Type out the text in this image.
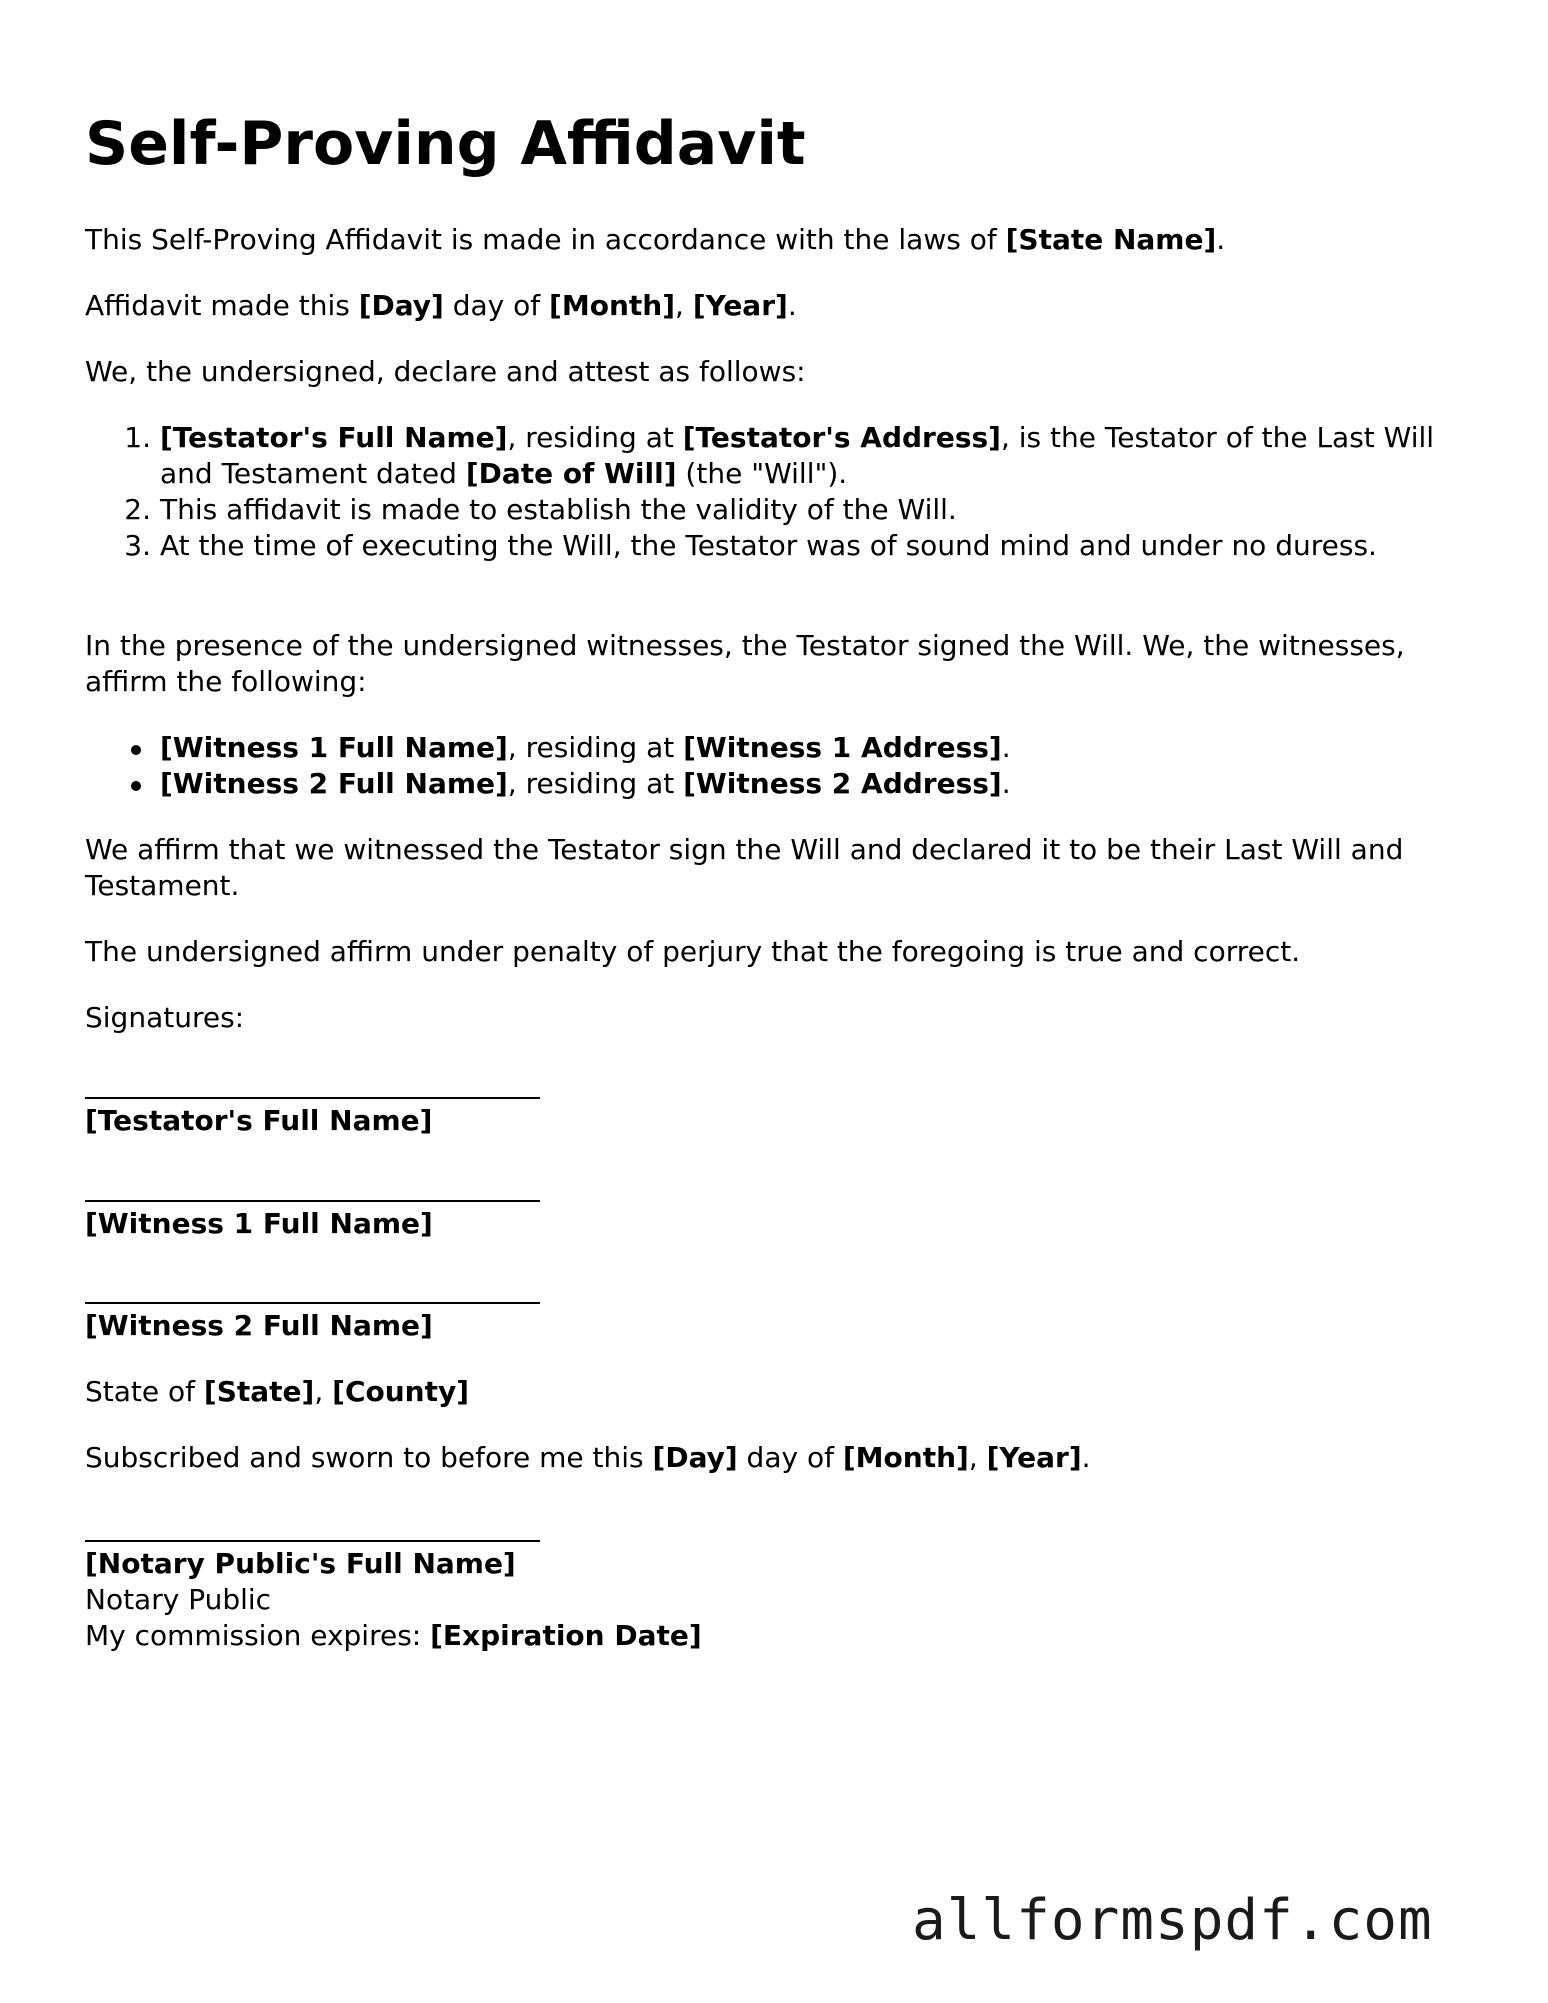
Self-Proving Affidavit

This Self-Proving Affidavit is made in accordance with the laws of [State Name].

Affidavit made this [Day] day of [Month], [Year].

We, the undersigned, declare and attest as follows:

1. [Testator's Full Name], residing at [Testator's Address], is the Testator of the Last Will and Testament dated [Date of Will] (the "Will").
2. This affidavit is made to establish the validity of the Will.
3. At the time of executing the Will, the Testator was of sound mind and under no duress.

In the presence of the undersigned witnesses, the Testator signed the Will. We, the witnesses, affirm the following:

[Witness 1 Full Name], residing at [Witness 1 Address].
[Witness 2 Full Name], residing at [Witness 2 Address].

We affirm that we witnessed the Testator sign the Will and declared it to be their Last Will and Testament.

The undersigned affirm under penalty of perjury that the foregoing is true and correct.

Signatures:

[Testator's Full Name]

[Witness 1 Full Name]

[Witness 2 Full Name]

State of [State], [County]

Subscribed and sworn to before me this [Day] day of [Month], [Year].

[Notary Public's Full Name]

Notary Public

My commission expires: [Expiration Date]

allformspdf.com
